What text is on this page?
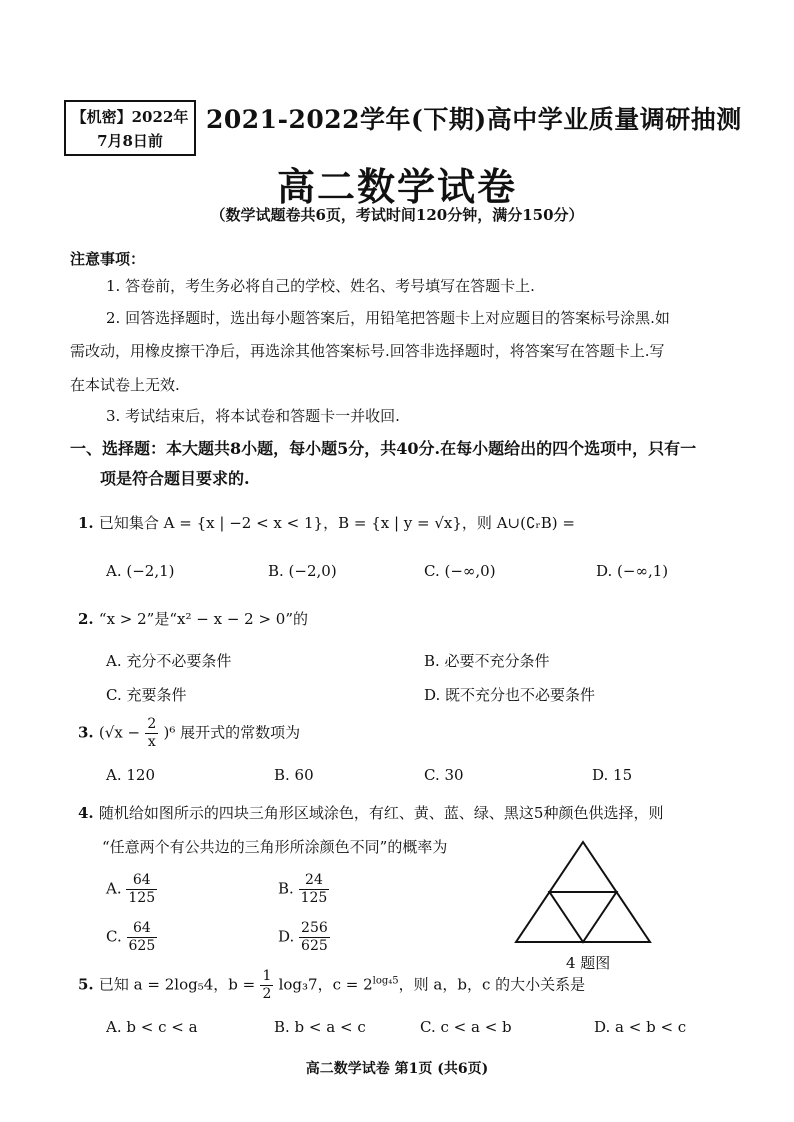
【机密】2022年
7月8日前
2021-2022学年(下期)高中学业质量调研抽测
高二数学试卷
（数学试题卷共6页，考试时间120分钟，满分150分）
注意事项：
1. 答卷前，考生务必将自己的学校、姓名、考号填写在答题卡上.
2. 回答选择题时，选出每小题答案后，用铅笔把答题卡上对应题目的答案标号涂黑.如
需改动，用橡皮擦干净后，再选涂其他答案标号.回答非选择题时，将答案写在答题卡上.写
在本试卷上无效.
3. 考试结束后，将本试卷和答题卡一并收回.
一、选择题：本大题共8小题，每小题5分，共40分.在每小题给出的四个选项中，只有一
项是符合题目要求的.
1. 已知集合 A = {x | −2 < x < 1}，B = {x | y = √x}，则 A∪(∁ᵣB) =
A. (−2,1)	B. (−2,0)	C. (−∞,0)	D. (−∞,1)
2. “x > 2”是“x² − x − 2 > 0”的
A. 充分不必要条件	B. 必要不充分条件
C. 充要条件	D. 既不充分也不必要条件
3. $(√x - \frac{2}{x} )^6$ 展开式的常数项为
A. 120	B. 60	C. 30	D. 15
4. 随机给如图所示的四块三角形区域涂色，有红、黄、蓝、绿、黑这5种颜色供选择，则
“任意两个有公共边的三角形所涂颜色不同”的概率为
A. $\frac{64}{125}$	B. $\frac{24}{125}$
C. $\frac{64}{625}$	D. $\frac{256}{625}$
4 题图
5. 已知 a = 2log₅4，$b = \frac{1}{2} \log_37$，$c = 2^{log_45}$，则 a，b，c 的大小关系是
A. b < c < a	B. b < a < c	C. c < a < b	D. a < b < c
高二数学试卷 第1页 (共6页)
